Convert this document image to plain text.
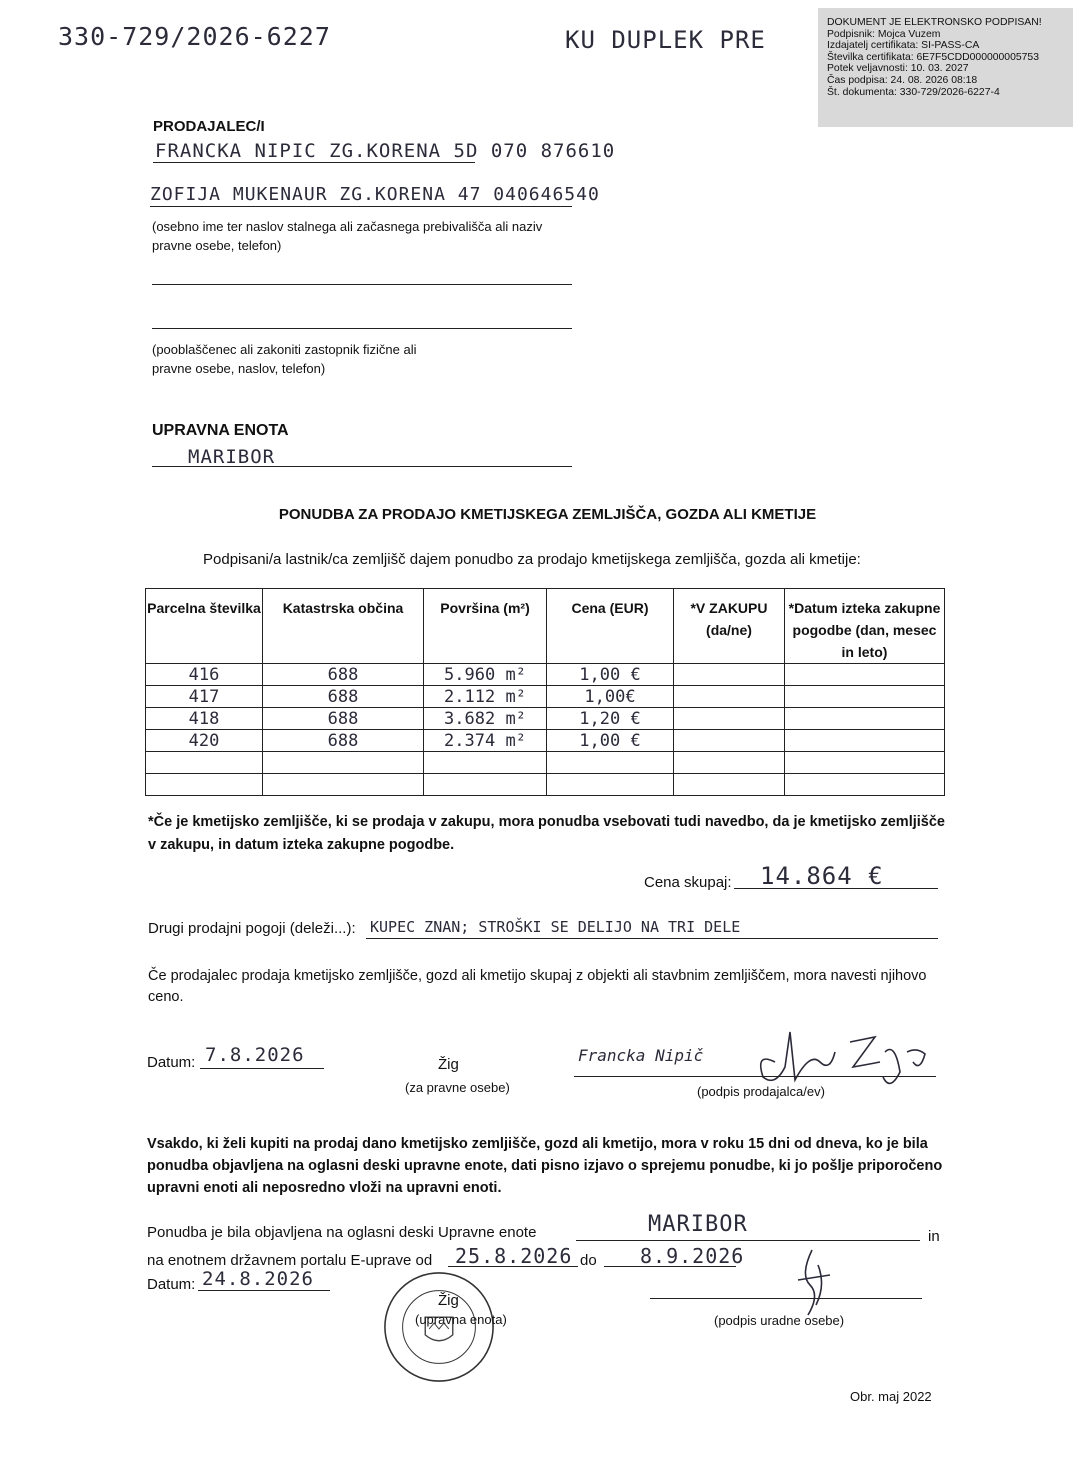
330-729/2026-6227	KU DUPLEK PRE
DOKUMENT JE ELEKTRONSKO PODPISAN!
Podpisnik: Mojca Vuzem
Izdajatelj certifikata: SI-PASS-CA
Številka certifikata: 6E7F5CDD000000005753
Potek veljavnosti: 10. 03. 2027
Čas podpisa: 24. 08. 2026 08:18
Št. dokumenta: 330-729/2026-6227-4
PRODAJALEC/I
FRANCKA NIPIC ZG.KORENA 5D 070 876610
ZOFIJA MUKENAUR ZG.KORENA 47 040646540
(osebno ime ter naslov stalnega ali začasnega prebivališča ali naziv pravne osebe, telefon)
(pooblaščenec ali zakoniti zastopnik fizične ali pravne osebe, naslov, telefon)
UPRAVNA ENOTA
MARIBOR
PONUDBA ZA PRODAJO KMETIJSKEGA ZEMLJIŠČA, GOZDA ALI KMETIJE
Podpisani/a lastnik/ca zemljišč dajem ponudbo za prodajo kmetijskega zemljišča, gozda ali kmetije:
Parcelna številka	Katastrska občina	Površina (m²)	Cena (EUR)	*V ZAKUPU (da/ne)	*Datum izteka zakupne pogodbe (dan, mesec in leto)
416	688	5.960 m²	1,00 €		
417	688	2.112 m²	1,00€		
418	688	3.682 m²	1,20 €		
420	688	2.374 m²	1,00 €		

*Če je kmetijsko zemljišče, ki se prodaja v zakupu, mora ponudba vsebovati tudi navedbo, da je kmetijsko zemljišče v zakupu, in datum izteka zakupne pogodbe.
Cena skupaj: 14.864 €
Drugi prodajni pogoji (deleži...): KUPEC ZNAN; STROŠKI SE DELIJO NA TRI DELE
Če prodajalec prodaja kmetijsko zemljišče, gozd ali kmetijo skupaj z objekti ali stavbnim zemljiščem, mora navesti njihovo ceno.
Datum: 7.8.2026	Žig
(za pravne osebe)
Francka Nipič
(podpis prodajalca/ev)
Vsakdo, ki želi kupiti na prodaj dano kmetijsko zemljišče, gozd ali kmetijo, mora v roku 15 dni od dneva, ko je bila ponudba objavljena na oglasni deski upravne enote, dati pisno izjavo o sprejemu ponudbe, ki jo pošlje priporočeno upravni enoti ali neposredno vloži na upravni enoti.
Ponudba je bila objavljena na oglasni deski Upravne enote	MARIBOR	in
na enotnem državnem portalu E-uprave od 25.8.2026 do 8.9.2026
Datum: 24.8.2026
Žig
(upravna enota)	(podpis uradne osebe)
Obr. maj 2022
